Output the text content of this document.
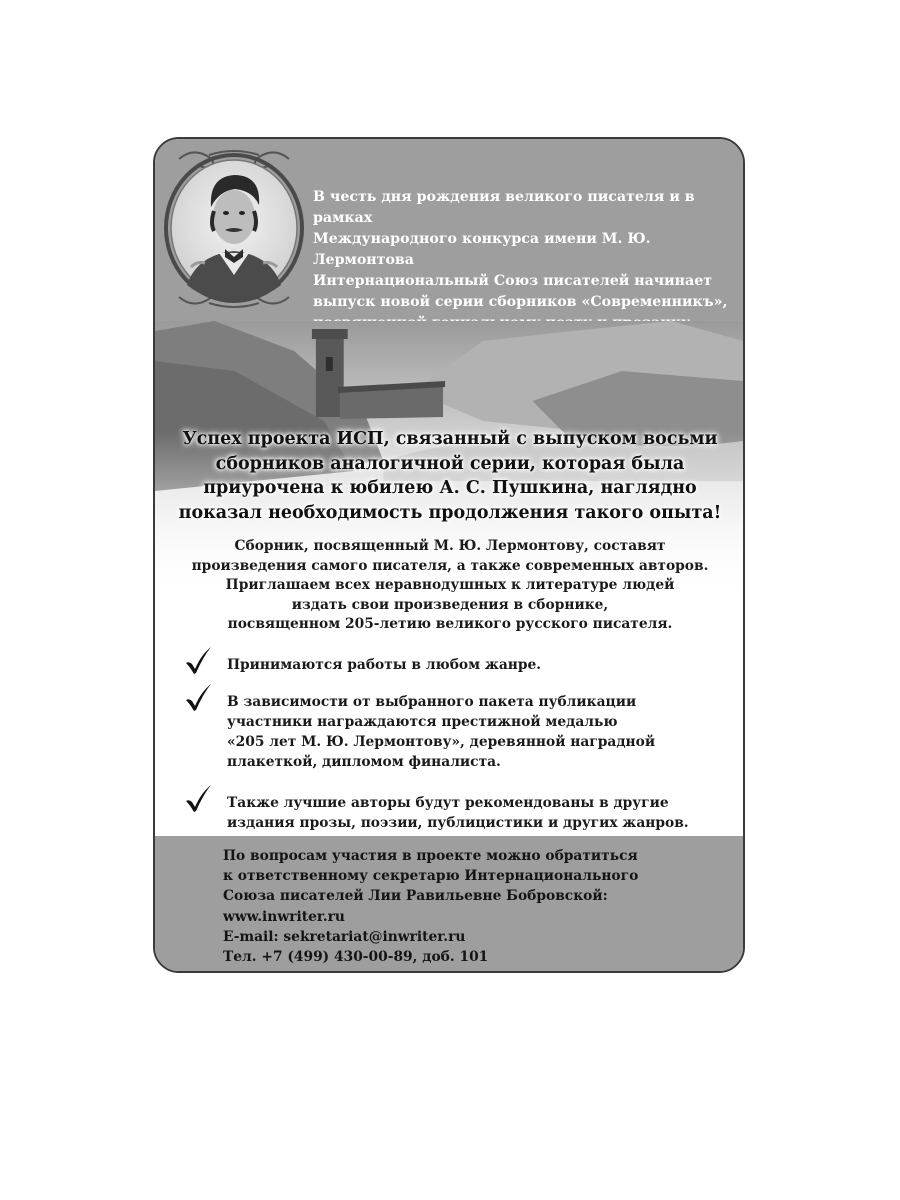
В честь дня рождения великого писателя и в рамках
Международного конкурса имени М. Ю. Лермонтова
Интернациональный Союз писателей начинает
выпуск новой серии сборников «Современникъ»,
Успех проекта ИСП, связанный с выпуском восьми
сборников аналогичной серии, которая была
приурочена к юбилею А. С. Пушкина, наглядно
показал необходимость продолжения такого опыта!
Сборник, посвященный М. Ю. Лермонтову, составят
произведения самого писателя, а также современных авторов.
Приглашаем всех неравнодушных к литературе людей
издать свои произведения в сборнике,
посвященном 205-летию великого русского писателя.
Принимаются работы в любом жанре.
В зависимости от выбранного пакета публикации
участники награждаются престижной медалью
«205 лет М. Ю. Лермонтову», деревянной наградной
плакеткой, дипломом финалиста.
Также лучшие авторы будут рекомендованы в другие
издания прозы, поэзии, публицистики и других жанров.
По вопросам участия в проекте можно обратиться
к ответственному секретарю Интернационального
Союза писателей Лии Равильевне Бобровской:
www.inwriter.ru
E-mail: sekretariat@inwriter.ru
Тел. +7 (499) 430-00-89, доб. 101
